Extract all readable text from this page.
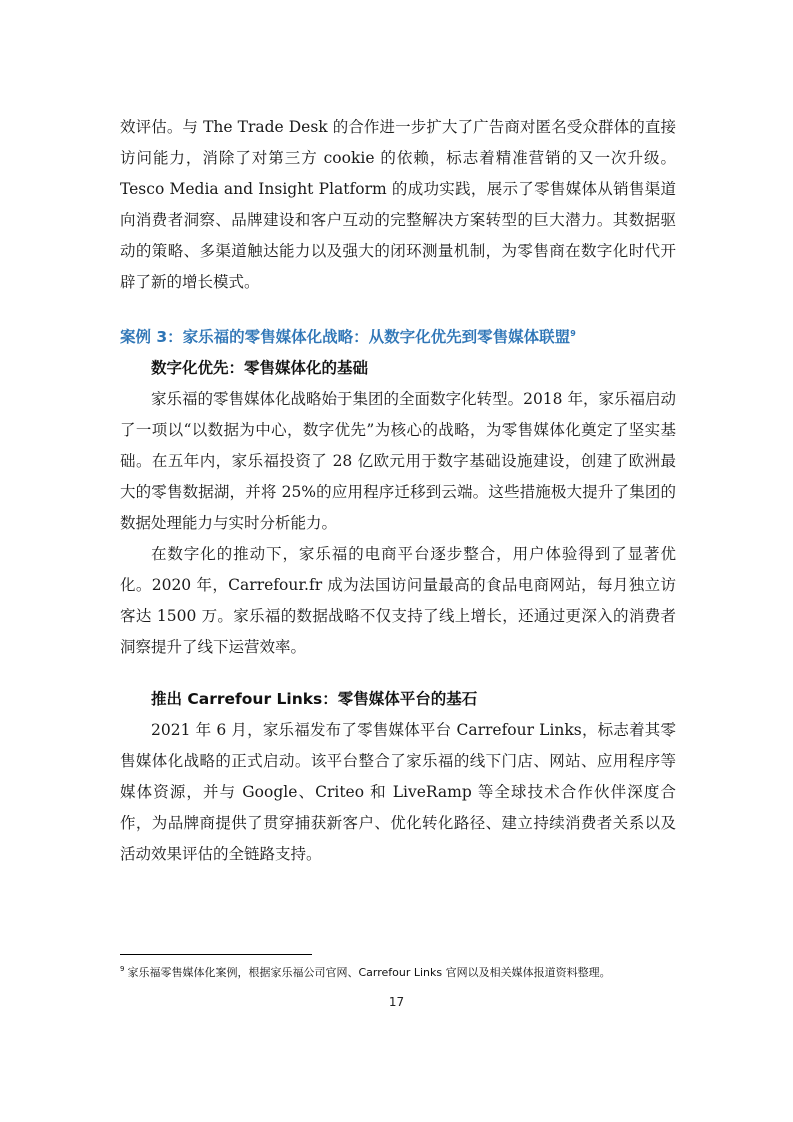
效评估。与 The Trade Desk 的合作进一步扩大了广告商对匿名受众群体的直接访问能力，消除了对第三方 cookie 的依赖，标志着精准营销的又一次升级。Tesco Media and Insight Platform 的成功实践，展示了零售媒体从销售渠道向消费者洞察、品牌建设和客户互动的完整解决方案转型的巨大潜力。其数据驱动的策略、多渠道触达能力以及强大的闭环测量机制，为零售商在数字化时代开辟了新的增长模式。

案例 3：家乐福的零售媒体化战略：从数字化优先到零售媒体联盟$^9$
数字化优先：零售媒体化的基础

家乐福的零售媒体化战略始于集团的全面数字化转型。2018 年，家乐福启动了一项以“以数据为中心，数字优先”为核心的战略，为零售媒体化奠定了坚实基础。在五年内，家乐福投资了 28 亿欧元用于数字基础设施建设，创建了欧洲最大的零售数据湖，并将 25%的应用程序迁移到云端。这些措施极大提升了集团的数据处理能力与实时分析能力。

在数字化的推动下，家乐福的电商平台逐步整合，用户体验得到了显著优化。2020 年，Carrefour.fr 成为法国访问量最高的食品电商网站，每月独立访客达 1500 万。家乐福的数据战略不仅支持了线上增长，还通过更深入的消费者洞察提升了线下运营效率。

推出 Carrefour Links：零售媒体平台的基石

2021 年 6 月，家乐福发布了零售媒体平台 Carrefour Links，标志着其零售媒体化战略的正式启动。该平台整合了家乐福的线下门店、网站、应用程序等媒体资源，并与 Google、Criteo 和 LiveRamp 等全球技术合作伙伴深度合作，为品牌商提供了贯穿捕获新客户、优化转化路径、建立持续消费者关系以及活动效果评估的全链路支持。

$^9$ 家乐福零售媒体化案例，根据家乐福公司官网、Carrefour Links 官网以及相关媒体报道资料整理。
17
